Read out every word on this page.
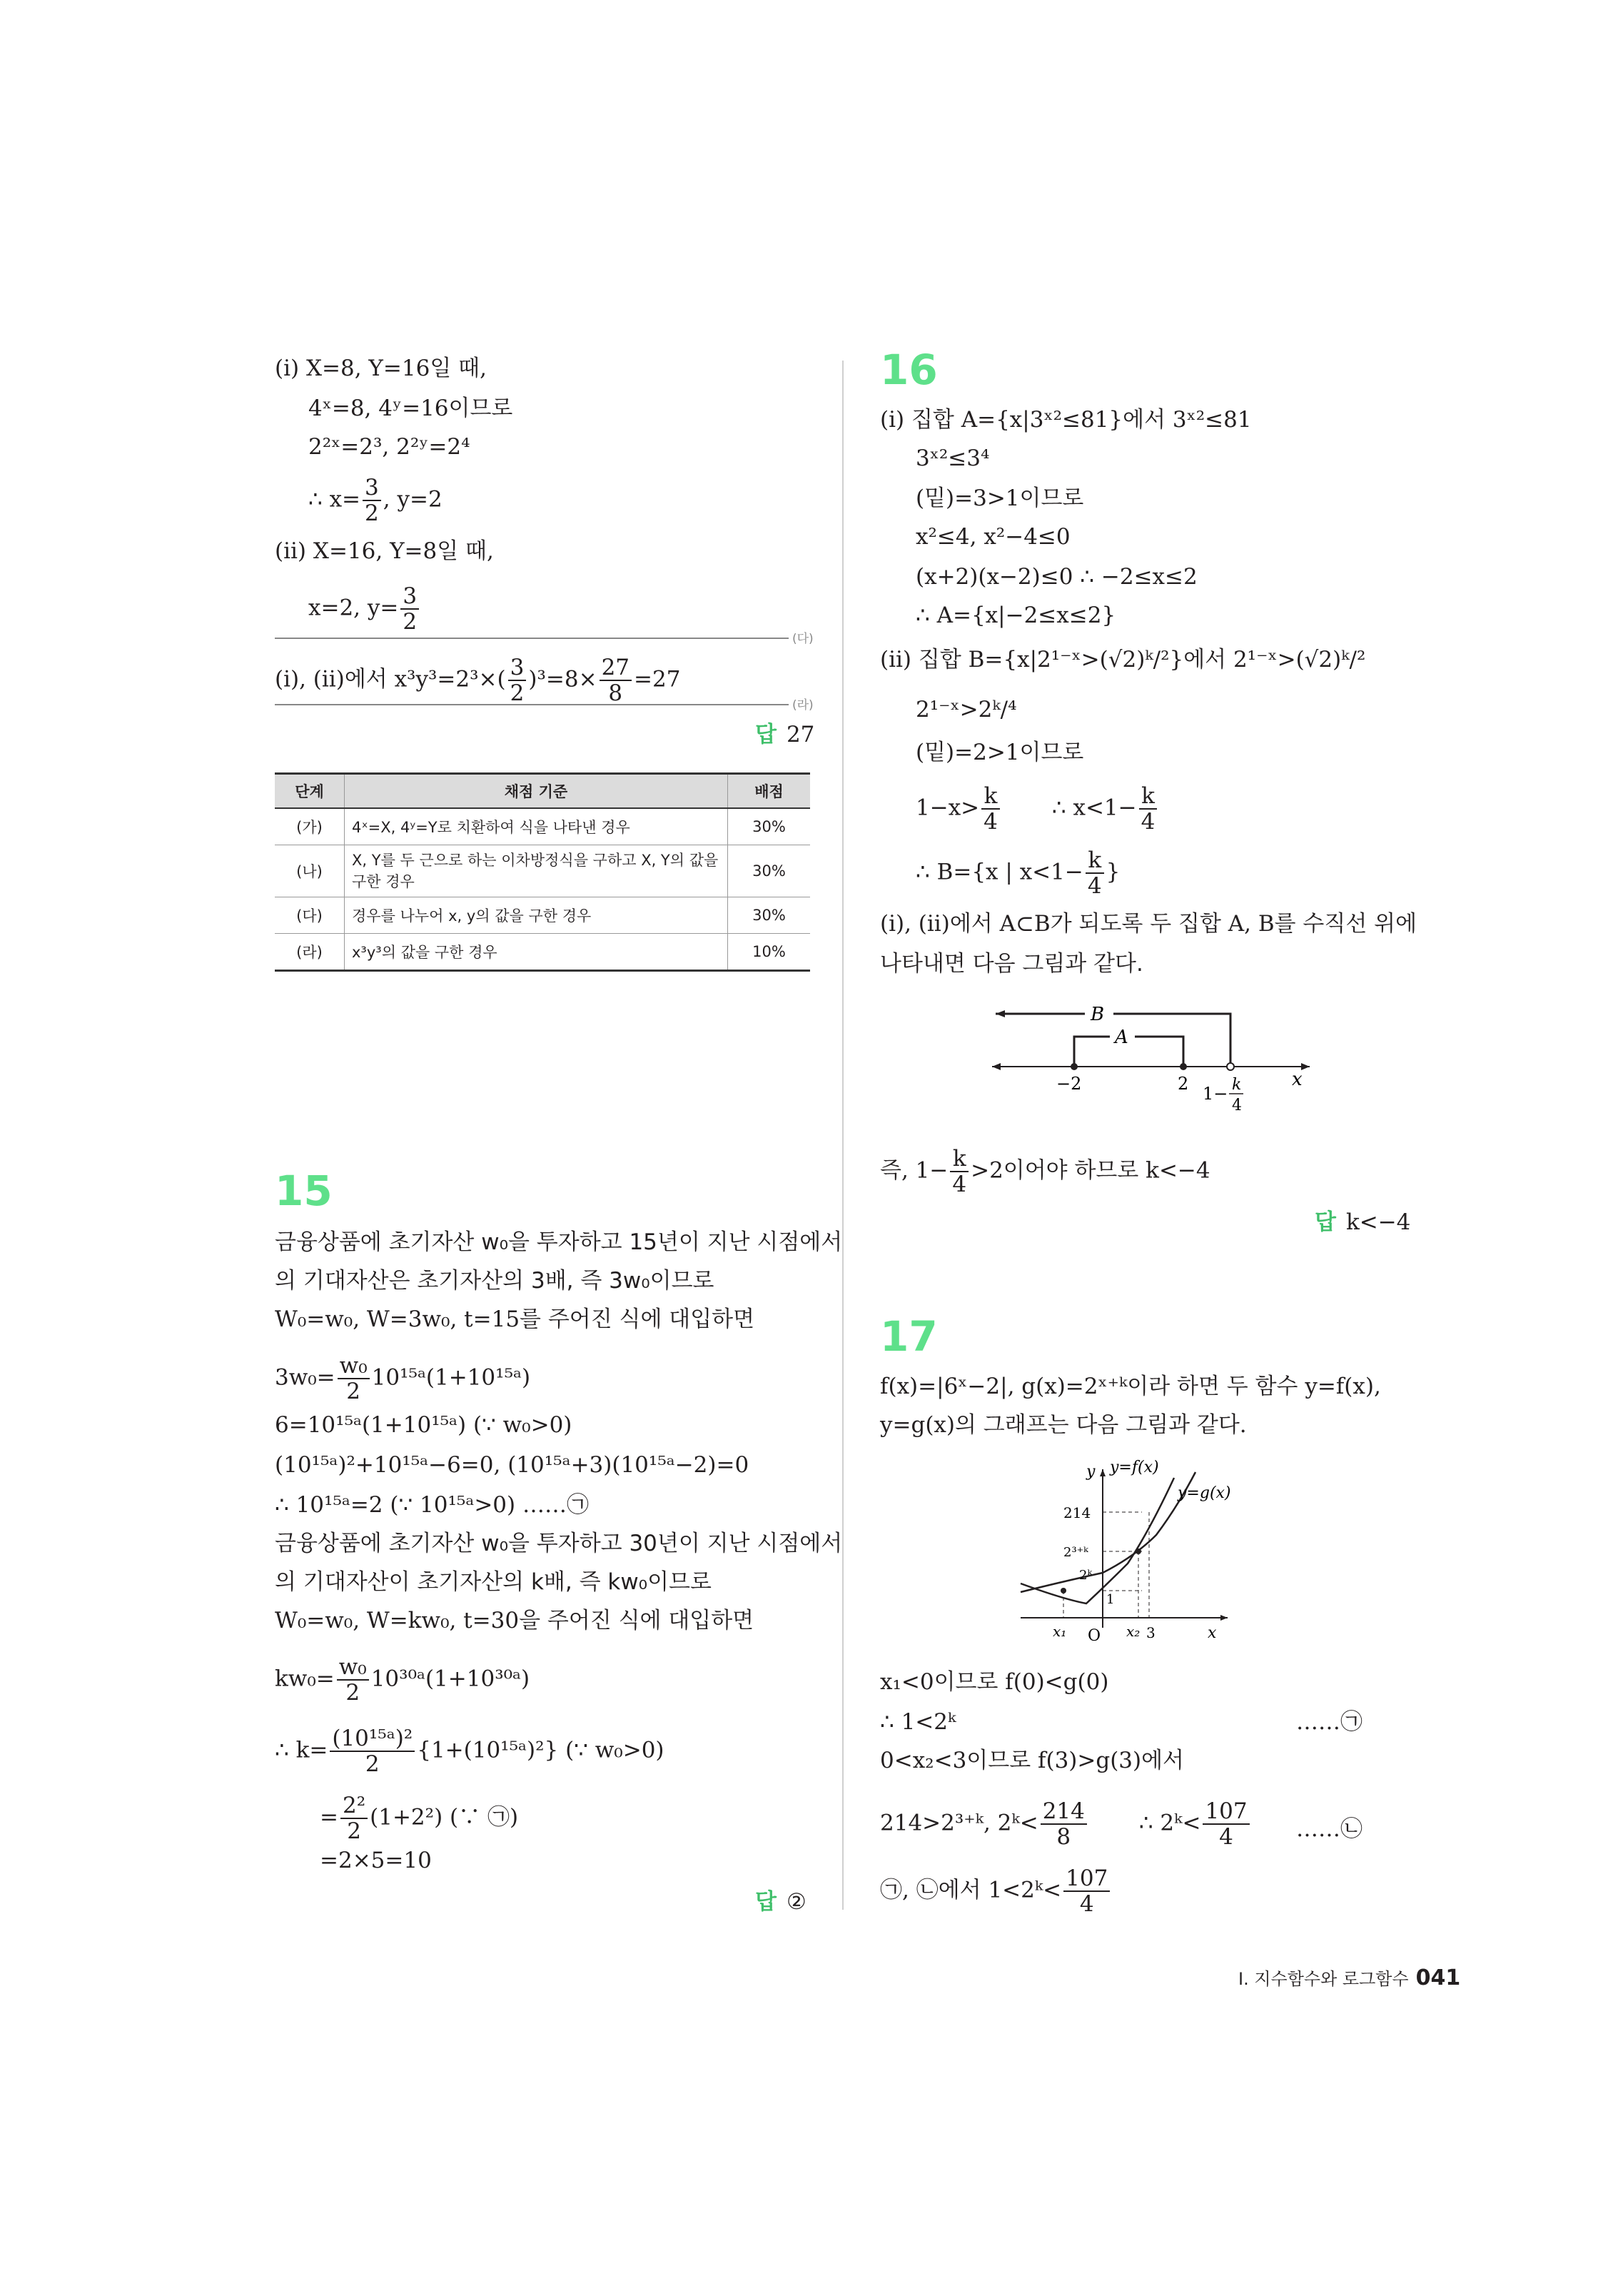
(ⅰ) X=8, Y=16일 때,
4ˣ=8, 4ʸ=16이므로
2²ˣ=2³, 2²ʸ=2⁴
∴ $x= \frac{3}{2}$ , y=2
(ⅱ) X=16, Y=8일 때,
x=2, $y= \frac{3}{2}$
(다)
(ⅰ), (ⅱ)에서 $x^3y^3=2^3\times( \frac{3}{2} )^3=8\times \frac{27}{8} =27$
(라)
답 27
단계	채점 기준	배점
(가)	4ˣ=X, 4ʸ=Y로 치환하여 식을 나타낸 경우	30%
(나)	X, Y를 두 근으로 하는 이차방정식을 구하고 X, Y의 값을 구한 경우	30%
(다)	경우를 나누어 x, y의 값을 구한 경우	30%
(라)	x³y³의 값을 구한 경우	10%
15
금융상품에 초기자산 w₀을 투자하고 15년이 지난 시점에서
의 기대자산은 초기자산의 3배, 즉 3w₀이므로
W₀=w₀, W=3w₀, t=15를 주어진 식에 대입하면
$3w_0= \frac{\text{w₀}}{2}$ 10¹⁵ᵃ(1+10¹⁵ᵃ)
6=10¹⁵ᵃ(1+10¹⁵ᵃ) (∵ w₀>0)
(10¹⁵ᵃ)²+10¹⁵ᵃ−6=0, (10¹⁵ᵃ+3)(10¹⁵ᵃ−2)=0
∴ 10¹⁵ᵃ=2 (∵ 10¹⁵ᵃ>0) ……㉠
금융상품에 초기자산 w₀을 투자하고 30년이 지난 시점에서
의 기대자산이 초기자산의 k배, 즉 kw₀이므로
W₀=w₀, W=kw₀, t=30을 주어진 식에 대입하면
$kw_0= \frac{\text{w₀}}{2}$ 10³⁰ᵃ(1+10³⁰ᵃ)
∴ $k= \frac{\text{(10¹⁵ᵃ)²}}{2}$ {1+(10¹⁵ᵃ)²} (∵ w₀>0)
= $\frac{\text{2²}}{2} (1+2^2)$ (∵ ㉠)
=2×5=10
답 ②
16
(ⅰ) 집합 A={x|3ˣ²≤81}에서 3ˣ²≤81
3ˣ²≤3⁴
(밑)=3>1이므로
x²≤4, x²−4≤0
(x+2)(x−2)≤0 ∴ −2≤x≤2
∴ A={x|−2≤x≤2}
(ⅱ) 집합 B={x|2¹⁻ˣ>(√2)ᵏ/²}에서 2¹⁻ˣ>(√2)ᵏ/²
2¹⁻ˣ>2ᵏ/⁴
(밑)=2>1이므로
$1-x> \frac{k}{4}$ ∴ $x<1- \frac{k}{4}$
∴ B={x | $x<1- \frac{k}{4}$ }
(ⅰ), (ⅱ)에서 A⊂B가 되도록 두 집합 A, B를 수직선 위에
나타내면 다음 그림과 같다.
B
A
−2	2 1− k
4
x
즉, $1- \frac{k}{4} >2$이어야 하므로 k<−4
답 k<−4
17
f(x)=|6ˣ−2|, g(x)=2ˣ⁺ᵏ이라 하면 두 함수 y=f(x),
y=g(x)의 그래프는 다음 그림과 같다.
y y=f(x)
y=g(x)
214
2³⁺ᵏ
2ᵏ
1
x₁ O x₂ 3	x
x₁<0이므로 f(0)<g(0)
∴ 1<2ᵏ	……㉠
0<x₂<3이므로 f(3)>g(3)에서
214>2³⁺ᵏ, 2ᵏ< $\frac{214}{8}$ ∴ 2ᵏ< $\frac{107}{4}$ ……㉡
㉠, ㉡에서 1<2ᵏ< $\frac{107}{4}$
Ⅰ. 지수함수와 로그함수 041
